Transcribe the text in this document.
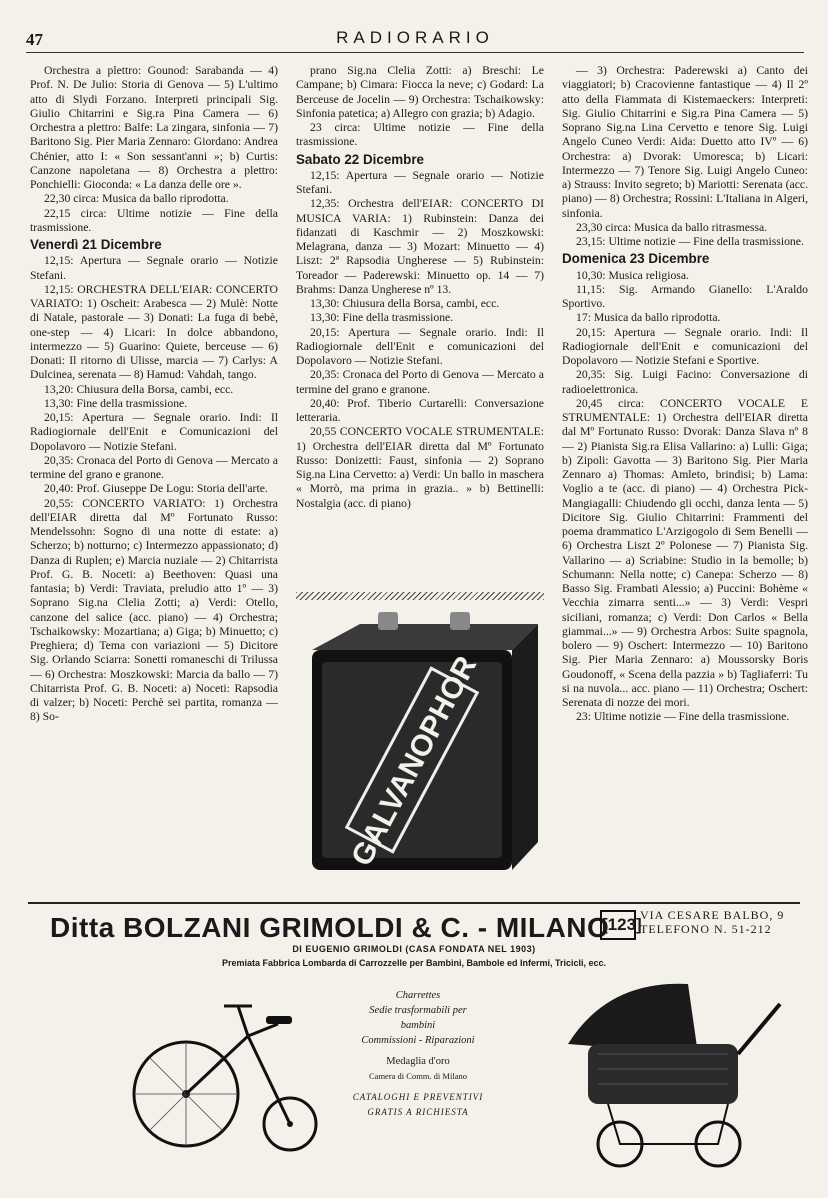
47	RADIORARIO

Orchestra a plettro: Gounod: Sarabanda — 4) Prof. N. De Julio: Storia di Genova — 5) L'ultimo atto di Slydi Forzano. Interpreti principali Sig. Giulio Chitarrini e Sig.ra Pina Camera — 6) Orchestra a plettro: Balfe: La zingara, sinfonia — 7) Baritono Sig. Pier Maria Zennaro: Giordano: Andrea Chénier, atto I: « Son sessant'anni »; b) Curtis: Canzone napoletana — 8) Orchestra a plettro: Ponchielli: Gioconda: « La danza delle ore ».

22,30 circa: Musica da ballo riprodotta.

22,15 circa: Ultime notizie — Fine della trasmissione.

Venerdì 21 Dicembre

12,15: Apertura — Segnale orario — Notizie Stefani.

12,15: ORCHESTRA DELL'EIAR: CONCERTO VARIATO: 1) Oscheit: Arabesca — 2) Mulè: Notte di Natale, pastorale — 3) Donati: La fuga di bebè, one-step — 4) Licari: In dolce abbandono, intermezzo — 5) Guarino: Quiete, berceuse — 6) Donati: Il ritorno di Ulisse, marcia — 7) Carlys: A Dulcinea, serenata — 8) Hamud: Vahdah, tango.

13,20: Chiusura della Borsa, cambi, ecc.

13,30: Fine della trasmissione.

20,15: Apertura — Segnale orario. Indi: Il Radiogiornale dell'Enit e Comunicazioni del Dopolavoro — Notizie Stefani.

20,35: Cronaca del Porto di Genova — Mercato a termine del grano e granone.

20,40: Prof. Giuseppe De Logu: Storia dell'arte.

20,55: CONCERTO VARIATO: 1) Orchestra dell'EIAR diretta dal Mº Fortunato Russo: Mendelssohn: Sogno di una notte di estate: a) Scherzo; b) notturno; c) Intermezzo appassionato; d) Danza di Ruplen; e) Marcia nuziale — 2) Chitarrista Prof. G. B. Noceti: a) Beethoven: Quasi una fantasia; b) Verdi: Traviata, preludio atto 1º — 3) Soprano Sig.na Clelia Zotti; a) Verdi: Otello, canzone del salice (acc. piano) — 4) Orchestra; Tschaikowsky: Mozartiana; a) Giga; b) Minuetto; c) Preghiera; d) Tema con variazioni — 5) Dicitore Sig. Orlando Sciarra: Sonetti romaneschi di Trilussa — 6) Orchestra: Moszkowski: Marcia da ballo — 7) Chitarrista Prof. G. B. Noceti: a) Noceti: Rapsodia di valzer; b) Noceti: Perchè sei partita, romanza — 8) So-

prano Sig.na Clelia Zotti: a) Breschi: Le Campane; b) Cimara: Fiocca la neve; c) Godard: La Berceuse de Jocelin — 9) Orchestra: Tschaikowsky: Sinfonia patetica; a) Allegro con grazia; b) Adagio.

23 circa: Ultime notizie — Fine della trasmissione.

Sabato 22 Dicembre

12,15: Apertura — Segnale orario — Notizie Stefani.

12,35: Orchestra dell'EIAR: CONCERTO DI MUSICA VARIA: 1) Rubinstein: Danza dei fidanzati di Kaschmir — 2) Moszkowski: Melagrana, danza — 3) Mozart: Minuetto — 4) Liszt: 2ª Rapsodia Ungherese — 5) Rubinstein: Toreador — Paderewski: Minuetto op. 14 — 7) Brahms: Danza Ungherese nº 13.

13,30: Chiusura della Borsa, cambi, ecc.

13,30: Fine della trasmissione.

20,15: Apertura — Segnale orario. Indi: Il Radiogiornale dell'Enit e comunicazioni del Dopolavoro — Notizie Stefani.

20,35: Cronaca del Porto di Genova — Mercato a termine del grano e granone.

20,40: Prof. Tiberio Curtarelli: Conversazione letteraria.

20,55 CONCERTO VOCALE STRUMENTALE: 1) Orchestra dell'EIAR diretta dal Mº Fortunato Russo: Donizetti: Faust, sinfonia — 2) Soprano Sig.na Lina Cervetto: a) Verdi: Un ballo in maschera « Morrò, ma prima in grazia.. » b) Bettinelli: Nostalgia (acc. di piano)

GALVANOPHOR

— 3) Orchestra: Paderewski a) Canto dei viaggiatori; b) Cracovienne fantastique — 4) Il 2º atto della Fiammata di Kistemaeckers: Interpreti: Sig. Giulio Chitarrini e Sig.ra Pina Camera — 5) Soprano Sig.na Lina Cervetto e tenore Sig. Luigi Angelo Cuneo Verdi: Aida: Duetto atto IVº — 6) Orchestra: a) Dvorak: Umoresca; b) Licari: Intermezzo — 7) Tenore Sig. Luigi Angelo Cuneo: a) Strauss: Invito segreto; b) Mariotti: Serenata (acc. piano) — 8) Orchestra; Rossini: L'Italiana in Algeri, sinfonia.

23,30 circa: Musica da ballo ritrasmessa.

23,15: Ultime notizie — Fine della trasmissione.

Domenica 23 Dicembre

10,30: Musica religiosa.

11,15: Sig. Armando Gianello: L'Araldo Sportivo.

17: Musica da ballo riprodotta.

20,15: Apertura — Segnale orario. Indi: Il Radiogiornale dell'Enit e comunicazioni del Dopolavoro — Notizie Stefani e Sportive.

20,35: Sig. Luigi Facino: Conversazione di radioelettronica.

20,45 circa: CONCERTO VOCALE E STRUMENTALE: 1) Orchestra dell'EIAR diretta dal Mº Fortunato Russo: Dvorak: Danza Slava nº 8 — 2) Pianista Sig.ra Elisa Vallarino: a) Lulli: Giga; b) Zipoli: Gavotta — 3) Baritono Sig. Pier Maria Zennaro a) Thomas: Amleto, brindisi; b) Lama: Voglio a te (acc. di piano) — 4) Orchestra Pick-Mangiagalli: Chiudendo gli occhi, danza lenta — 5) Dicitore Sig. Giulio Chitarrini: Frammenti del poema drammatico L'Arzigogolo di Sem Benelli — 6) Orchestra Liszt 2º Polonese — 7) Pianista Sig. Vallarino — a) Scriabine: Studio in la bemolle; b) Schumann: Nella notte; c) Canepa: Scherzo — 8) Basso Sig. Frambati Alessio; a) Puccini: Bohème « Vecchia zimarra senti...» — 3) Verdi: Vespri siciliani, romanza; c) Verdi: Don Carlos « Bella giammai...» — 9) Orchestra Arbos: Suite spagnola, bolero — 9) Oschert: Intermezzo — 10) Baritono Sig. Pier Maria Zennaro: a) Moussorsky Boris Goudonoff, « Scena della pazzia » b) Tagliaferri: Tu si na nuvola... acc. piano — 11) Orchestra; Oschert: Serenata di nozze dei mori.

23: Ultime notizie — Fine della trasmissione.

Ditta BOLZANI GRIMOLDI & C. - MILANO
[123]
VIA CESARE BALBO, 9
TELEFONO N. 51-212
DI EUGENIO GRIMOLDI (CASA FONDATA NEL 1903)
Premiata Fabbrica Lombarda di Carrozzelle per Bambini, Bambole ed Infermi, Tricicli, ecc.
Charrettes
Sedie trasformabili per
bambini
Commissioni - Riparazioni
Medaglia d'oro
Camera di Comm. di Milano
CATALOGHI E PREVENTIVI
GRATIS A RICHIESTA
